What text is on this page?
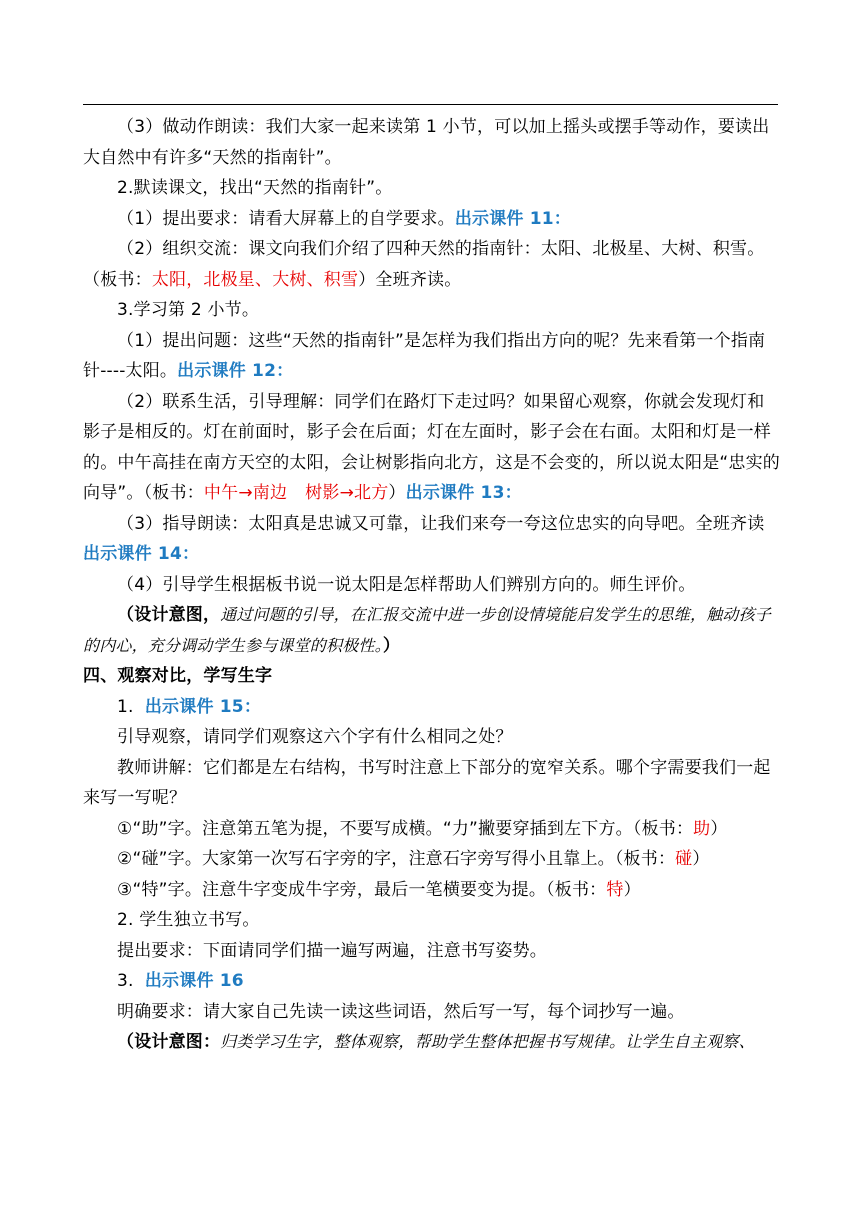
（3）做动作朗读：我们大家一起来读第 1 小节，可以加上摇头或摆手等动作，要读出大自然中有许多“天然的指南针”。

2.默读课文，找出“天然的指南针”。

（1）提出要求：请看大屏幕上的自学要求。出示课件 11：

（2）组织交流：课文向我们介绍了四种天然的指南针：太阳、北极星、大树、积雪。（板书：太阳，北极星、大树、积雪）全班齐读。

3.学习第 2 小节。

（1）提出问题：这些“天然的指南针”是怎样为我们指出方向的呢？先来看第一个指南针----太阳。出示课件 12：

（2）联系生活，引导理解：同学们在路灯下走过吗？如果留心观察，你就会发现灯和影子是相反的。灯在前面时，影子会在后面；灯在左面时，影子会在右面。太阳和灯是一样的。中午高挂在南方天空的太阳，会让树影指向北方，这是不会变的，所以说太阳是“忠实的向导”。（板书：中午→南边 树影→北方）出示课件 13：

（3）指导朗读：太阳真是忠诚又可靠，让我们来夸一夸这位忠实的向导吧。全班齐读出示课件 14：

（4）引导学生根据板书说一说太阳是怎样帮助人们辨别方向的。师生评价。

（设计意图，通过问题的引导，在汇报交流中进一步创设情境能启发学生的思维，触动孩子的内心，充分调动学生参与课堂的积极性。）

四、观察对比，学写生字

1. 出示课件 15：

引导观察，请同学们观察这六个字有什么相同之处？

教师讲解：它们都是左右结构，书写时注意上下部分的宽窄关系。哪个字需要我们一起来写一写呢？

①“助”字。注意第五笔为提，不要写成横。“力”撇要穿插到左下方。（板书：助）

②“碰”字。大家第一次写石字旁的字，注意石字旁写得小且靠上。（板书：碰）

③“特”字。注意牛字变成牛字旁，最后一笔横要变为提。（板书：特）

2. 学生独立书写。

提出要求：下面请同学们描一遍写两遍，注意书写姿势。

3. 出示课件 16

明确要求：请大家自己先读一读这些词语，然后写一写，每个词抄写一遍。

（设计意图：归类学习生字，整体观察，帮助学生整体把握书写规律。让学生自主观察、
